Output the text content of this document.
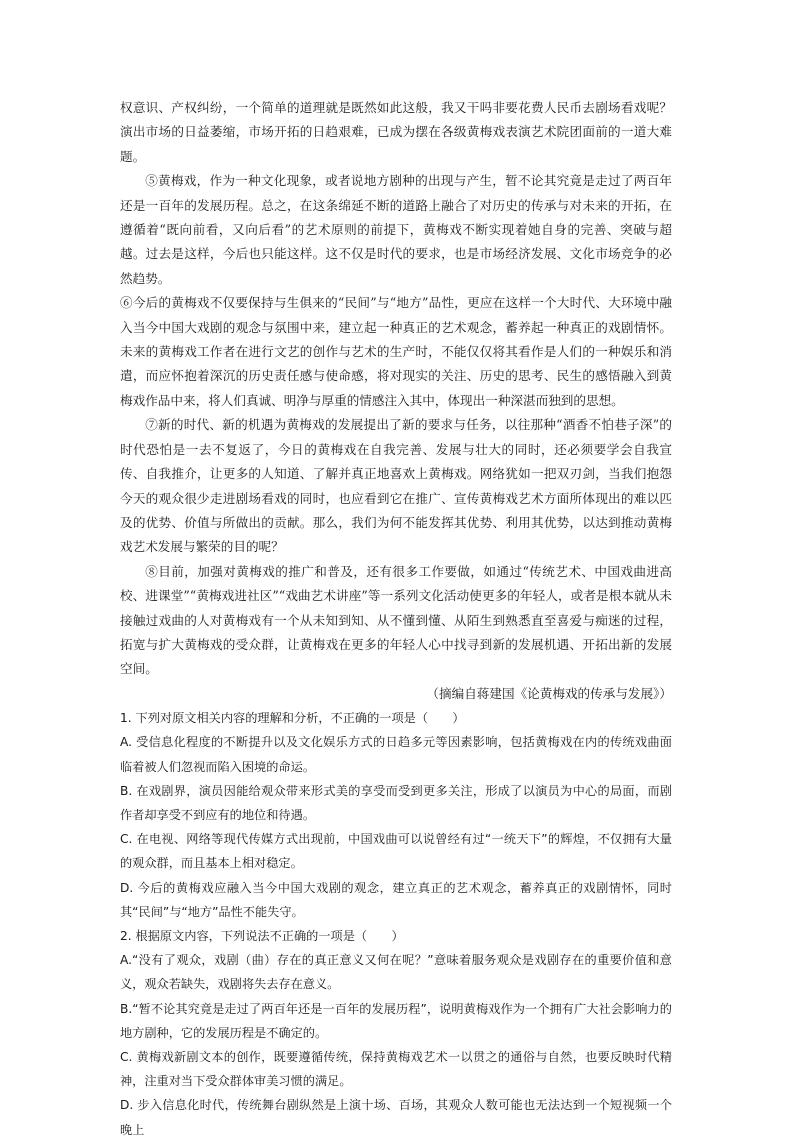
权意识、产权纠纷，一个简单的道理就是既然如此这般，我又干吗非要花费人民币去剧场看戏呢？演出市场的日益萎缩，市场开拓的日趋艰难，已成为摆在各级黄梅戏表演艺术院团面前的一道大难题。

⑤黄梅戏，作为一种文化现象，或者说地方剧种的出现与产生，暂不论其究竟是走过了两百年还是一百年的发展历程。总之，在这条绵延不断的道路上融合了对历史的传承与对未来的开拓，在遵循着“既向前看，又向后看”的艺术原则的前提下，黄梅戏不断实现着她自身的完善、突破与超越。过去是这样，今后也只能这样。这不仅是时代的要求，也是市场经济发展、文化市场竞争的必然趋势。

⑥今后的黄梅戏不仅要保持与生俱来的“民间”与“地方”品性，更应在这样一个大时代、大环境中融入当今中国大戏剧的观念与氛围中来，建立起一种真正的艺术观念，蓄养起一种真正的戏剧情怀。未来的黄梅戏工作者在进行文艺的创作与艺术的生产时，不能仅仅将其看作是人们的一种娱乐和消遣，而应怀抱着深沉的历史责任感与使命感，将对现实的关注、历史的思考、民生的感悟融入到黄梅戏作品中来，将人们真诚、明净与厚重的情感注入其中，体现出一种深湛而独到的思想。

⑦新的时代、新的机遇为黄梅戏的发展提出了新的要求与任务，以往那种“酒香不怕巷子深”的时代恐怕是一去不复返了，今日的黄梅戏在自我完善、发展与壮大的同时，还必须要学会自我宣传、自我推介，让更多的人知道、了解并真正地喜欢上黄梅戏。网络犹如一把双刃剑，当我们抱怨今天的观众很少走进剧场看戏的同时，也应看到它在推广、宣传黄梅戏艺术方面所体现出的难以匹及的优势、价值与所做出的贡献。那么，我们为何不能发挥其优势、利用其优势，以达到推动黄梅戏艺术发展与繁荣的目的呢？

⑧目前，加强对黄梅戏的推广和普及，还有很多工作要做，如通过“传统艺术、中国戏曲进高校、进课堂”“黄梅戏进社区”“戏曲艺术讲座”等一系列文化活动使更多的年轻人，或者是根本就从未接触过戏曲的人对黄梅戏有一个从未知到知、从不懂到懂、从陌生到熟悉直至喜爱与痴迷的过程，拓宽与扩大黄梅戏的受众群，让黄梅戏在更多的年轻人心中找寻到新的发展机遇、开拓出新的发展空间。

（摘编自蒋建国《论黄梅戏的传承与发展》）

1. 下列对原文相关内容的理解和分析，不正确的一项是（　　）

A. 受信息化程度的不断提升以及文化娱乐方式的日趋多元等因素影响，包括黄梅戏在内的传统戏曲面临着被人们忽视而陷入困境的命运。

B. 在戏剧界，演员因能给观众带来形式美的享受而受到更多关注，形成了以演员为中心的局面，而剧作者却享受不到应有的地位和待遇。

C. 在电视、网络等现代传媒方式出现前，中国戏曲可以说曾经有过“一统天下”的辉煌，不仅拥有大量的观众群，而且基本上相对稳定。

D. 今后的黄梅戏应融入当今中国大戏剧的观念，建立真正的艺术观念，蓄养真正的戏剧情怀，同时其“民间”与“地方”品性不能失守。

2. 根据原文内容，下列说法不正确的一项是（　　）

A.“没有了观众，戏剧（曲）存在的真正意义又何在呢？”意味着服务观众是戏剧存在的重要价值和意义，观众若缺失，戏剧将失去存在意义。

B.“暂不论其究竟是走过了两百年还是一百年的发展历程”，说明黄梅戏作为一个拥有广大社会影响力的地方剧种，它的发展历程是不确定的。

C. 黄梅戏新剧文本的创作，既要遵循传统，保持黄梅戏艺术一以贯之的通俗与自然，也要反映时代精神，注重对当下受众群体审美习惯的满足。

D. 步入信息化时代，传统舞台剧纵然是上演十场、百场，其观众人数可能也无法达到一个短视频一个晚上
